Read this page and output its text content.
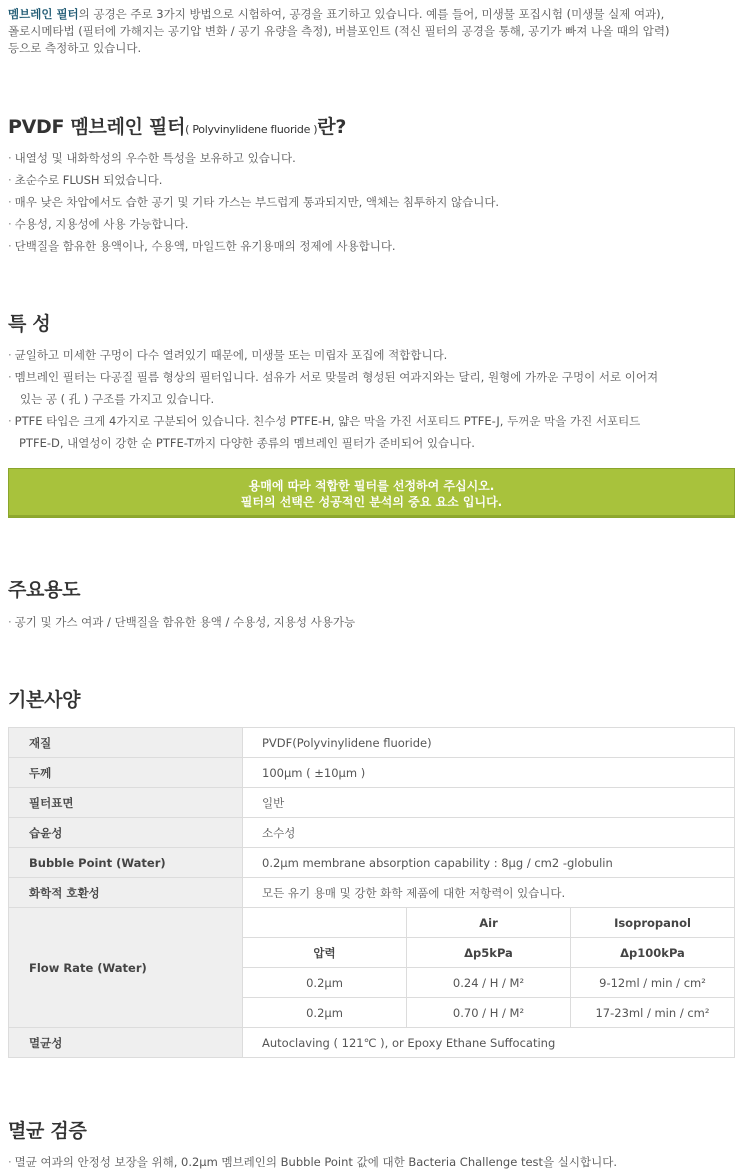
멤브레인 필터의 공경은 주로 3가지 방법으로 시험하여, 공경을 표기하고 있습니다. 예를 들어, 미생물 포집시험 (미생물 실제 여과),
폴로시메타법 (필터에 가해지는 공기압 변화 / 공기 유량을 측정), 버블포인트 (적신 필터의 공경을 통해, 공기가 빠져 나올 때의 압력)
등으로 측정하고 있습니다.
PVDF 멤브레인 필터( Polyvinylidene fluoride )란?
· 내열성 및 내화학성의 우수한 특성을 보유하고 있습니다.
· 초순수로 FLUSH 되었습니다.
· 매우 낮은 차압에서도 습한 공기 및 기타 가스는 부드럽게 통과되지만, 액체는 침투하지 않습니다.
· 수용성, 지용성에 사용 가능합니다.
· 단백질을 함유한 용액이나, 수용액, 마일드한 유기용매의 정제에 사용합니다.
특 성
· 균일하고 미세한 구멍이 다수 열려있기 때문에, 미생물 또는 미립자 포집에 적합합니다.
· 멤브레인 필터는 다공질 필름 형상의 필터입니다. 섬유가 서로 맞물려 형성된 여과지와는 달리, 원형에 가까운 구멍이 서로 이어져
있는 공 ( 孔 ) 구조를 가지고 있습니다.
· PTFE 타입은 크게 4가지로 구분되어 있습니다. 친수성 PTFE-H, 얇은 막을 가진 서포티드 PTFE-J, 두꺼운 막을 가진 서포티드
PTFE-D, 내열성이 강한 순 PTFE-T까지 다양한 종류의 멤브레인 필터가 준비되어 있습니다.
용매에 따라 적합한 필터를 선정하여 주십시오.
필터의 선택은 성공적인 분석의 중요 요소 입니다.
주요용도
· 공기 및 가스 여과 / 단백질을 함유한 용액 / 수용성, 지용성 사용가능
기본사양
재질	PVDF(Polyvinylidene fluoride)		
두께	100μm ( ±10μm )		
필터표면	일반		
습윤성	소수성		
Bubble Point (Water)	0.2μm membrane absorption capability : 8μg / cm2 -globulin		
화학적 호환성	모든 유기 용매 및 강한 화학 제품에 대한 저항력이 있습니다.		
Flow Rate (Water)		Air	Isopropanol
	압력	Δp5kPa	Δp100kPa
	0.2μm	0.24 / H / M²	9-12ml / min / cm²
	0.2μm	0.70 / H / M²	17-23ml / min / cm²
멸균성	Autoclaving ( 121℃ ), or Epoxy Ethane Suffocating		
멸균 검증
· 멸균 여과의 안정성 보장을 위해, 0.2μm 멤브레인의 Bubble Point 값에 대한 Bacteria Challenge test을 실시합니다.
